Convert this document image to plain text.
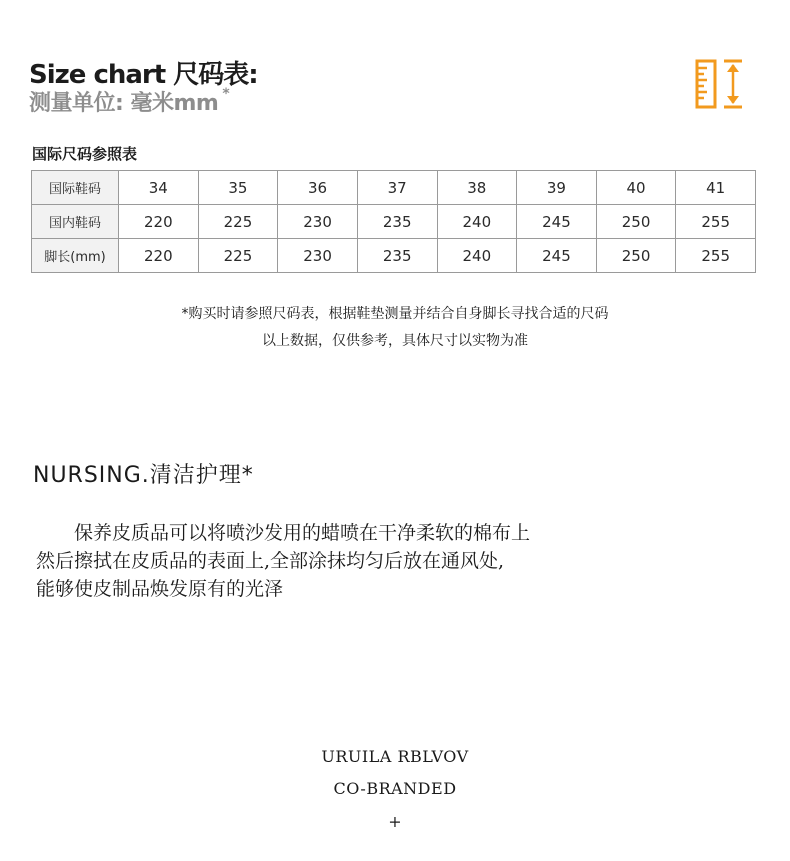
Size chart 尺码表:
测量单位: 毫米mm *
国际尺码参照表
国际鞋码	34	35	36	37	38	39	40	41
国内鞋码	220	225	230	235	240	245	250	255
脚长(mm)	220	225	230	235	240	245	250	255
*购买时请参照尺码表，根据鞋垫测量并结合自身脚长寻找合适的尺码
以上数据，仅供参考，具体尺寸以实物为准
NURSING.清洁护理*
保养皮质品可以将喷沙发用的蜡喷在干净柔软的棉布上
然后擦拭在皮质品的表面上,全部涂抹均匀后放在通风处,
能够使皮制品焕发原有的光泽
URUILA RBLVOV
CO-BRANDED
+
